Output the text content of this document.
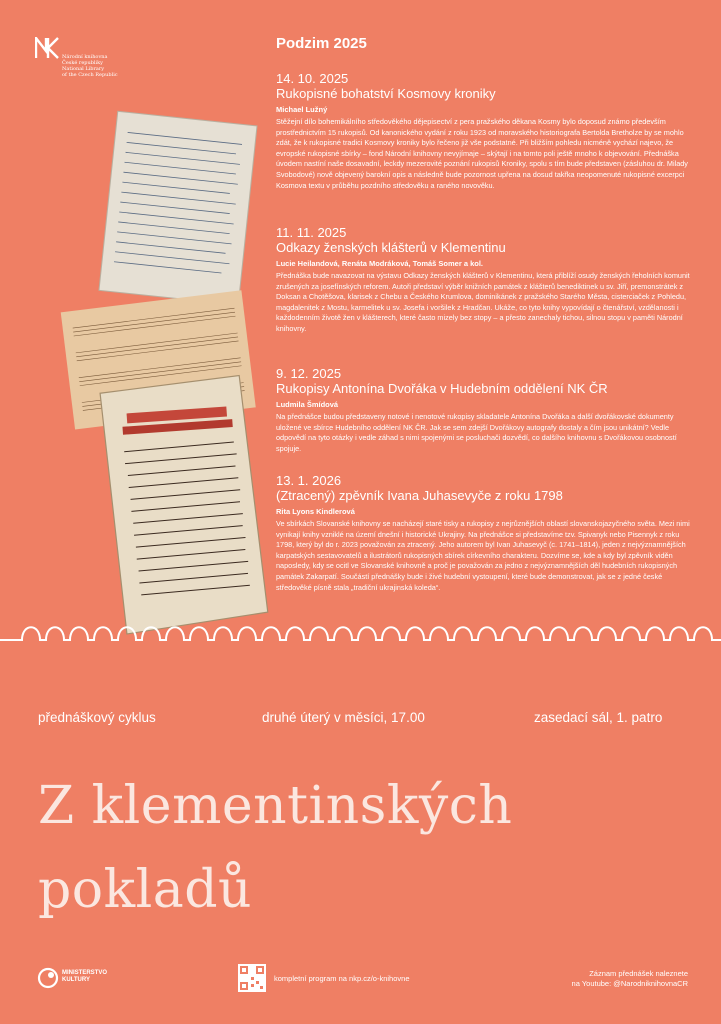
Národní knihovna
České republiky
National Library
of the Czech Republic
Podzim 2025
14. 10. 2025
Rukopisné bohatství Kosmovy kroniky
Michael Lužný
Stěžejní dílo bohemikálního středověkého dějepisectví z pera pražského děkana Kosmy bylo doposud známo především prostřednictvím 15 rukopisů. Od kanonického vydání z roku 1923 od moravského historiografa Bertolda Bretholze by se mohlo zdát, že k rukopisné tradici Kosmovy kroniky bylo řečeno již vše podstatné. Při bližším pohledu nicméně vychází najevo, že evropské rukopisné sbírky – fond Národní knihovny nevyjímaje – skýtají i na tomto poli ještě mnoho k objevování. Přednáška úvodem nastíní naše dosavadní, leckdy mezerovité poznání rukopisů Kroniky, spolu s tím bude představen (zásluhou dr. Milady Svobodové) nově objevený barokní opis a následně bude pozornost upřena na dosud takřka neopomenuté rukopisné excerpci Kosmova textu v průběhu pozdního středověku a raného novověku.
11. 11. 2025
Odkazy ženských klášterů v Klementinu
Lucie Heilandová, Renáta Modráková, Tomáš Somer a kol.
Přednáška bude navazovat na výstavu Odkazy ženských klášterů v Klementinu, která přiblíží osudy ženských řeholních komunit zrušených za josefínských reforem. Autoři představí výběr knižních památek z klášterů benediktinek u sv. Jiří, premonstrátek z Doksan a Chotěšova, klarisek z Chebu a Českého Krumlova, dominikánek z pražského Starého Města, cisterciaček z Pohledu, magdalenitek z Mostu, karmelitek u sv. Josefa i voršilek z Hradčan. Ukáže, co tyto knihy vypovídají o čtenářství, vzdělanosti i každodenním životě žen v klášterech, které často mizely bez stopy – a přesto zanechaly tichou, silnou stopu v paměti Národní knihovny.
9. 12. 2025
Rukopisy Antonína Dvořáka v Hudebním oddělení NK ČR
Ludmila Šmídová
Na přednášce budou představeny notové i nenotové rukopisy skladatele Antonína Dvořáka a další dvořákovské dokumenty uložené ve sbírce Hudebního oddělení NK ČR. Jak se sem zdejší Dvořákovy autografy dostaly a čím jsou unikátní? Vedle odpovědí na tyto otázky i vedle záhad s nimi spojenými se posluchači dozvědí, co dalšího knihovnu s Dvořákovou osobností spojuje.
13. 1. 2026
(Ztracený) zpěvník Ivana Juhasevyče z roku 1798
Rita Lyons Kindlerová
Ve sbírkách Slovanské knihovny se nacházejí staré tisky a rukopisy z nejrůznějších oblastí slovanskojazyčného světa. Mezi nimi vynikají knihy vzniklé na území dnešní i historické Ukrajiny. Na přednášce si představíme tzv. Spivanyk nebo Pisennyk z roku 1798, který byl do r. 2023 považován za ztracený. Jeho autorem byl Ivan Juhasevyč (c. 1741–1814), jeden z nejvýznamnějších karpatských sestavovatelů a ilustrátorů rukopisných sbírek církevního charakteru. Dozvíme se, kde a kdy byl zpěvník viděn naposledy, kdy se ocitl ve Slovanské knihovně a proč je považován za jedno z nejvýznamnějších děl hudebních rukopisných památek Zakarpatí. Součástí přednášky bude i živé hudební vystoupení, které bude demonstrovat, jak se z jedné české středověké písně stala „tradiční ukrajinská koleda“.
přednáškový cyklus	druhé úterý v měsíci, 17.00	zasedací sál, 1. patro
Z klementinských
pokladů
MINISTERSTVO
KULTURY	kompletní program na nkp.cz/o-knihovne
Záznam přednášek naleznete
na Youtube: @NarodniknihovnaCR
